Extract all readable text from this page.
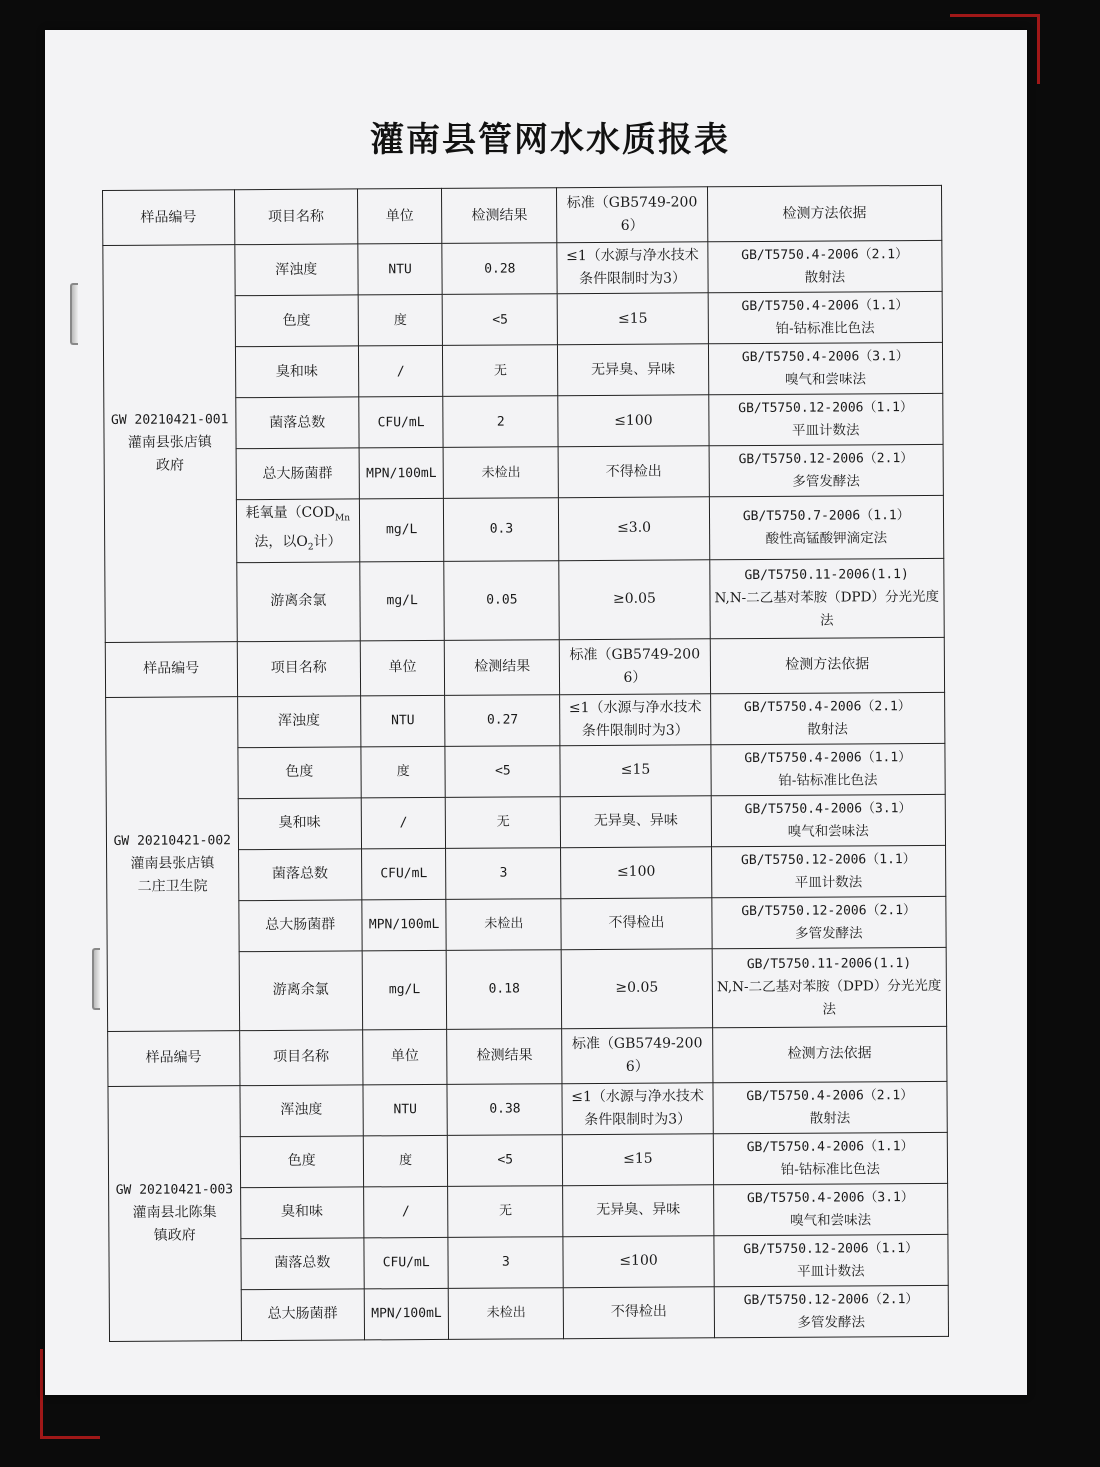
灌南县管网水水质报表
样品编号	项目名称	单位	检测结果	标准（GB5749-2006）	检测方法依据
GW 20210421-001
灌南县张店镇
政府	浑浊度	NTU	0.28	≤1（水源与净水技术条件限制时为3）	GB/T5750.4-2006（2.1）
散射法
	色度	度	<5	≤15	GB/T5750.4-2006（1.1）
铂-钴标准比色法
	臭和味	/	无	无异臭、异味	GB/T5750.4-2006（3.1）
嗅气和尝味法
	菌落总数	CFU/mL	2	≤100	GB/T5750.12-2006（1.1）
平皿计数法
	总大肠菌群	MPN/100mL	未检出	不得检出	GB/T5750.12-2006（2.1）
多管发酵法
	耗氧量（$COD_{Mn}$法，以$O_2$计）	mg/L	0.3	≤3.0	GB/T5750.7-2006（1.1）
酸性高锰酸钾滴定法
	游离余氯	mg/L	0.05	≥0.05	GB/T5750.11-2006(1.1)
N,N-二乙基对苯胺（DPD）分光光度法
样品编号	项目名称	单位	检测结果	标准（GB5749-2006）	检测方法依据
GW 20210421-002
灌南县张店镇
二庄卫生院	浑浊度	NTU	0.27	≤1（水源与净水技术条件限制时为3）	GB/T5750.4-2006（2.1）
散射法
	色度	度	<5	≤15	GB/T5750.4-2006（1.1）
铂-钴标准比色法
	臭和味	/	无	无异臭、异味	GB/T5750.4-2006（3.1）
嗅气和尝味法
	菌落总数	CFU/mL	3	≤100	GB/T5750.12-2006（1.1）
平皿计数法
	总大肠菌群	MPN/100mL	未检出	不得检出	GB/T5750.12-2006（2.1）
多管发酵法
	游离余氯	mg/L	0.18	≥0.05	GB/T5750.11-2006(1.1)
N,N-二乙基对苯胺（DPD）分光光度法
样品编号	项目名称	单位	检测结果	标准（GB5749-2006）	检测方法依据
GW 20210421-003
灌南县北陈集
镇政府	浑浊度	NTU	0.38	≤1（水源与净水技术条件限制时为3）	GB/T5750.4-2006（2.1）
散射法
	色度	度	<5	≤15	GB/T5750.4-2006（1.1）
铂-钴标准比色法
	臭和味	/	无	无异臭、异味	GB/T5750.4-2006（3.1）
嗅气和尝味法
	菌落总数	CFU/mL	3	≤100	GB/T5750.12-2006（1.1）
平皿计数法
	总大肠菌群	MPN/100mL	未检出	不得检出	GB/T5750.12-2006（2.1）
多管发酵法
